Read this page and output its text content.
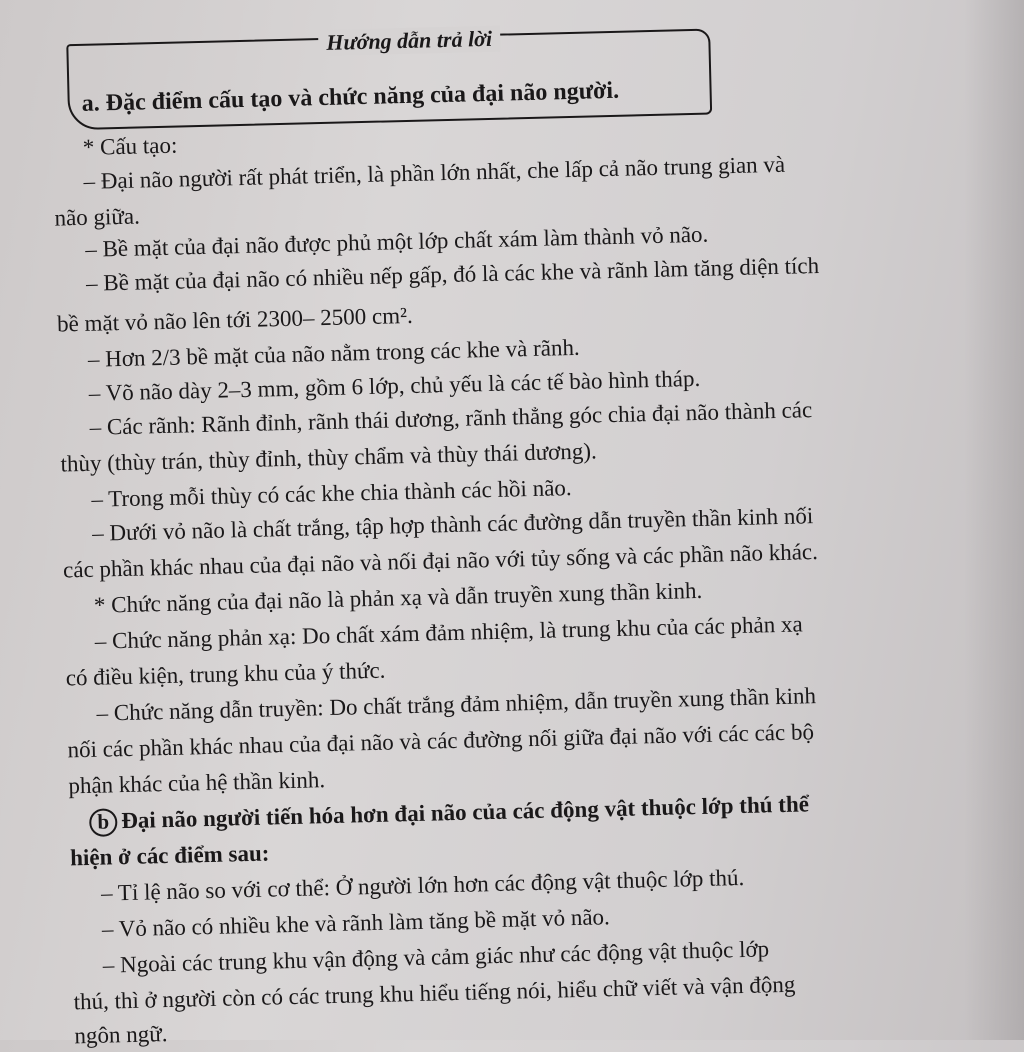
Hướng dẫn trả lời
a. Đặc điểm cấu tạo và chức năng của đại não người.
* Cấu tạo:
– Đại não người rất phát triển, là phần lớn nhất, che lấp cả não trung gian và
não giữa.
– Bề mặt của đại não được phủ một lớp chất xám làm thành vỏ não.
– Bề mặt của đại não có nhiều nếp gấp, đó là các khe và rãnh làm tăng diện tích
bề mặt vỏ não lên tới 2300– 2500 cm².
– Hơn 2/3 bề mặt của não nằm trong các khe và rãnh.
– Võ não dày 2–3 mm, gồm 6 lớp, chủ yếu là các tế bào hình tháp.
– Các rãnh: Rãnh đỉnh, rãnh thái dương, rãnh thẳng góc chia đại não thành các
thùy (thùy trán, thùy đỉnh, thùy chẩm và thùy thái dương).
– Trong mỗi thùy có các khe chia thành các hồi não.
– Dưới vỏ não là chất trắng, tập hợp thành các đường dẫn truyền thần kinh nối
các phần khác nhau của đại não và nối đại não với tủy sống và các phần não khác.
* Chức năng của đại não là phản xạ và dẫn truyền xung thần kinh.
– Chức năng phản xạ: Do chất xám đảm nhiệm, là trung khu của các phản xạ
có điều kiện, trung khu của ý thức.
– Chức năng dẫn truyền: Do chất trắng đảm nhiệm, dẫn truyền xung thần kinh
nối các phần khác nhau của đại não và các đường nối giữa đại não với các các bộ
phận khác của hệ thần kinh.
b Đại não người tiến hóa hơn đại não của các động vật thuộc lớp thú thể
hiện ở các điểm sau:
– Tỉ lệ não so với cơ thể: Ở người lớn hơn các động vật thuộc lớp thú.
– Vỏ não có nhiều khe và rãnh làm tăng bề mặt vỏ não.
– Ngoài các trung khu vận động và cảm giác như các động vật thuộc lớp
thú, thì ở người còn có các trung khu hiểu tiếng nói, hiểu chữ viết và vận động
ngôn ngữ.
